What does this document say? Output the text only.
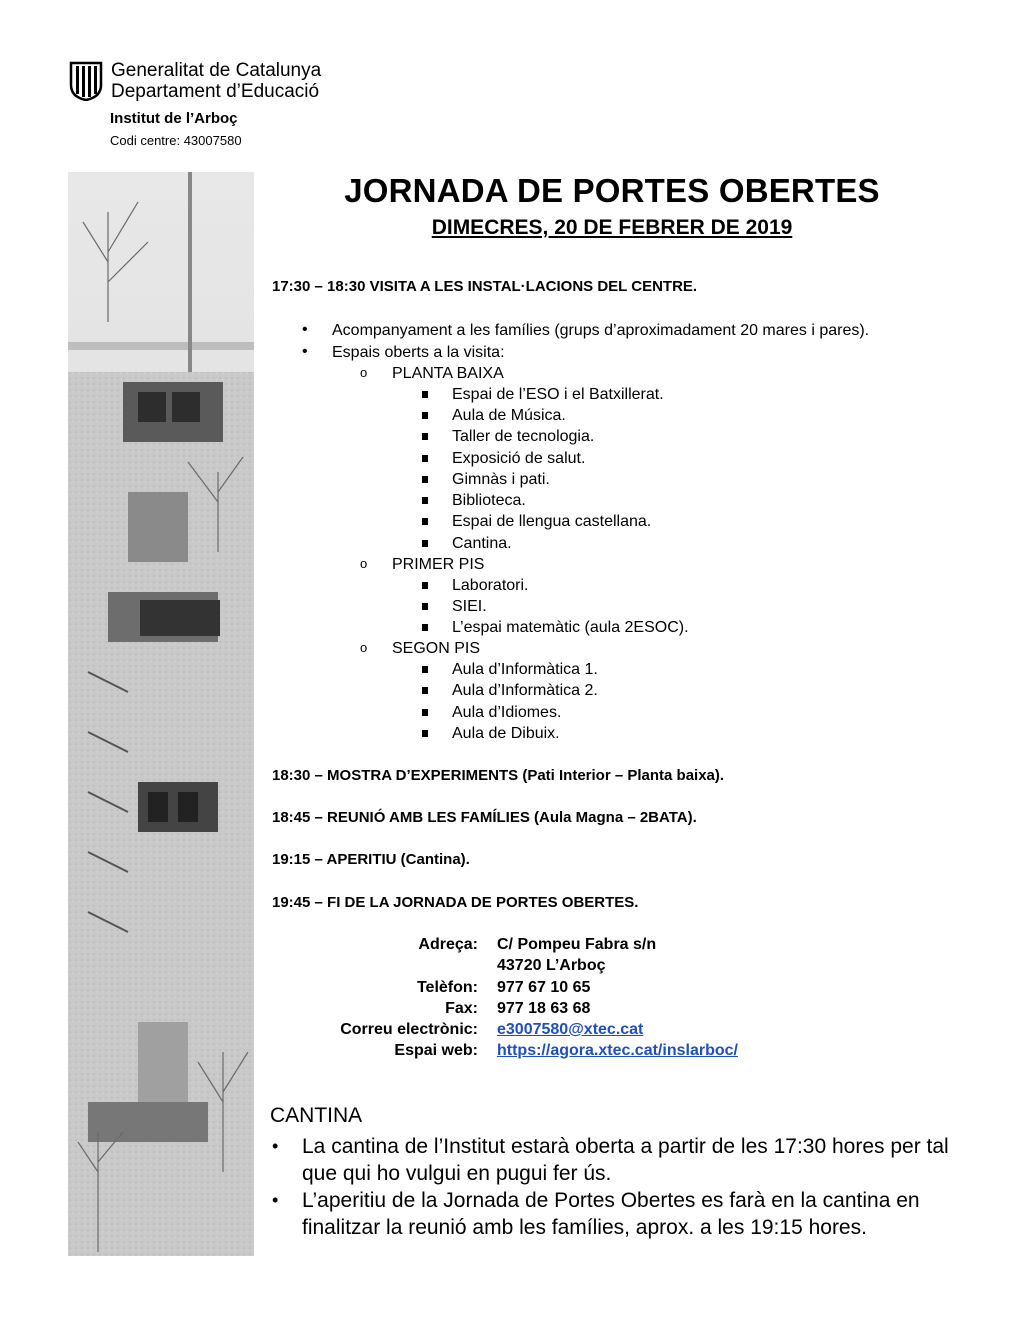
Generalitat de Catalunya
Departament d’Educació
Institut de l’Arboç
Codi centre: 43007580
JORNADA DE PORTES OBERTES
DIMECRES, 20 DE FEBRER DE 2019
17:30 – 18:30 VISITA A LES INSTAL·LACIONS DEL CENTRE.
• Acompanyament a les famílies (grups d’aproximadament 20 mares i pares).
• Espais oberts a la visita:
o PLANTA BAIXA
Espai de l’ESO i el Batxillerat.
Aula de Música.
Taller de tecnologia.
Exposició de salut.
Gimnàs i pati.
Biblioteca.
Espai de llengua castellana.
Cantina.
o PRIMER PIS
Laboratori.
SIEI.
L’espai matemàtic (aula 2ESOC).
o SEGON PIS
Aula d’Informàtica 1.
Aula d’Informàtica 2.
Aula d’Idiomes.
Aula de Dibuix.
18:30 – MOSTRA D’EXPERIMENTS (Pati Interior – Planta baixa).
18:45 – REUNIÓ AMB LES FAMÍLIES (Aula Magna – 2BATA).
19:15 – APERITIU (Cantina).
19:45 – FI DE LA JORNADA DE PORTES OBERTES.
Adreça: C/ Pompeu Fabra s/n
43720 L’Arboç
Telèfon: 977 67 10 65
Fax: 977 18 63 68
Correu electrònic: e3007580@xtec.cat
Espai web: https://agora.xtec.cat/inslarboc/
CANTINA
• La cantina de l’Institut estarà oberta a partir de les 17:30 hores per tal que qui ho vulgui en pugui fer ús.
• L’aperitiu de la Jornada de Portes Obertes es farà en la cantina en finalitzar la reunió amb les famílies, aprox. a les 19:15 hores.
